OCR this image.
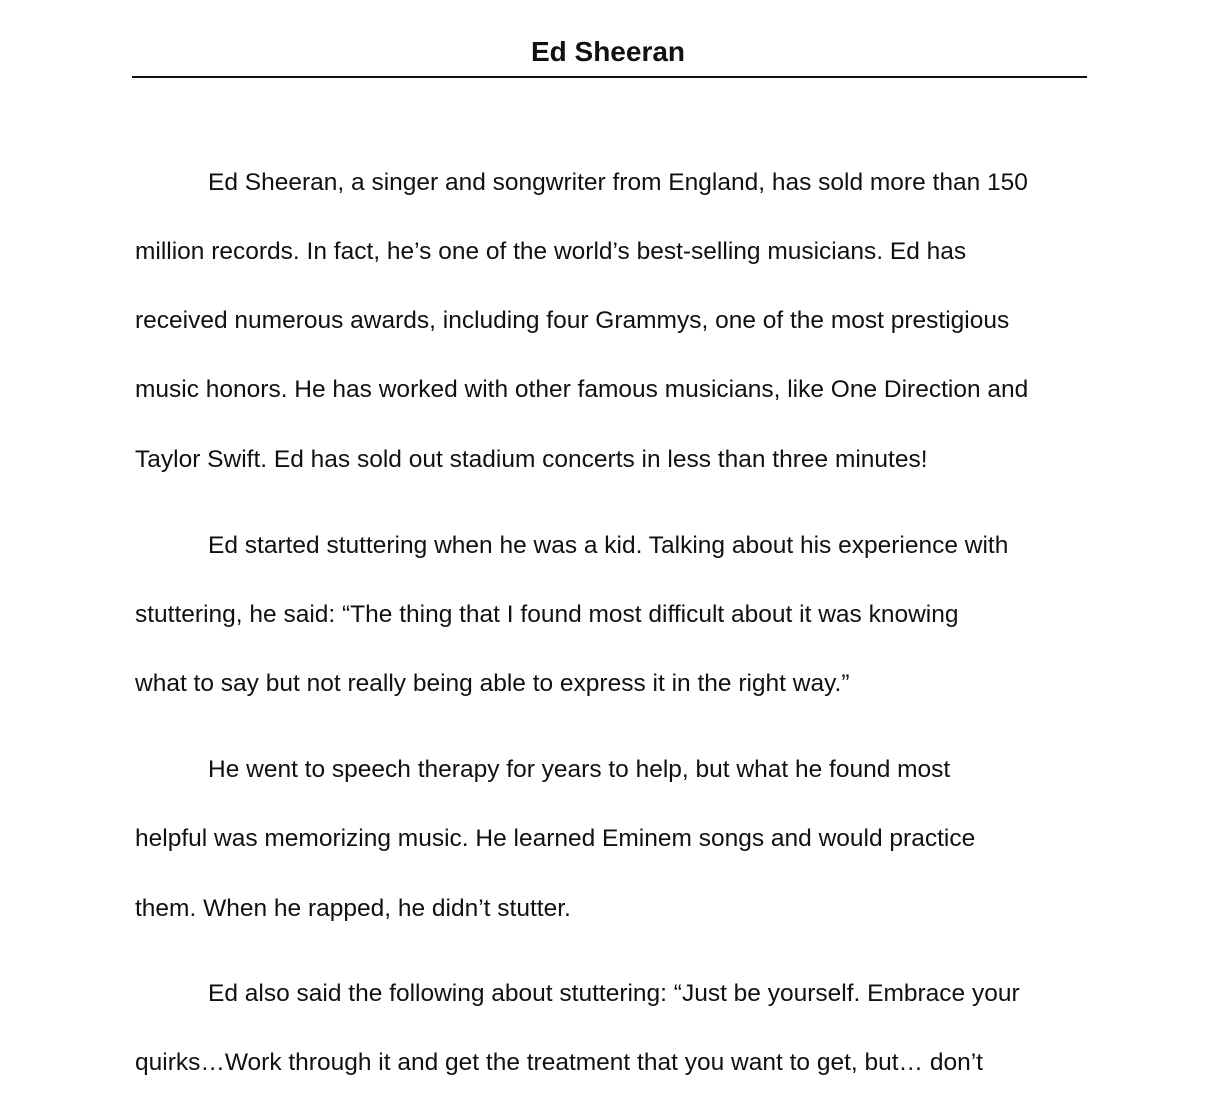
Ed Sheeran

Ed Sheeran, a singer and songwriter from England, has sold more than 150

million records. In fact, he’s one of the world’s best-selling musicians. Ed has

received numerous awards, including four Grammys, one of the most prestigious

music honors. He has worked with other famous musicians, like One Direction and

Taylor Swift. Ed has sold out stadium concerts in less than three minutes!

Ed started stuttering when he was a kid. Talking about his experience with

stuttering, he said: “The thing that I found most difficult about it was knowing

what to say but not really being able to express it in the right way.”

He went to speech therapy for years to help, but what he found most

helpful was memorizing music. He learned Eminem songs and would practice

them. When he rapped, he didn’t stutter.

Ed also said the following about stuttering: “Just be yourself. Embrace your

quirks…Work through it and get the treatment that you want to get, but… don’t
